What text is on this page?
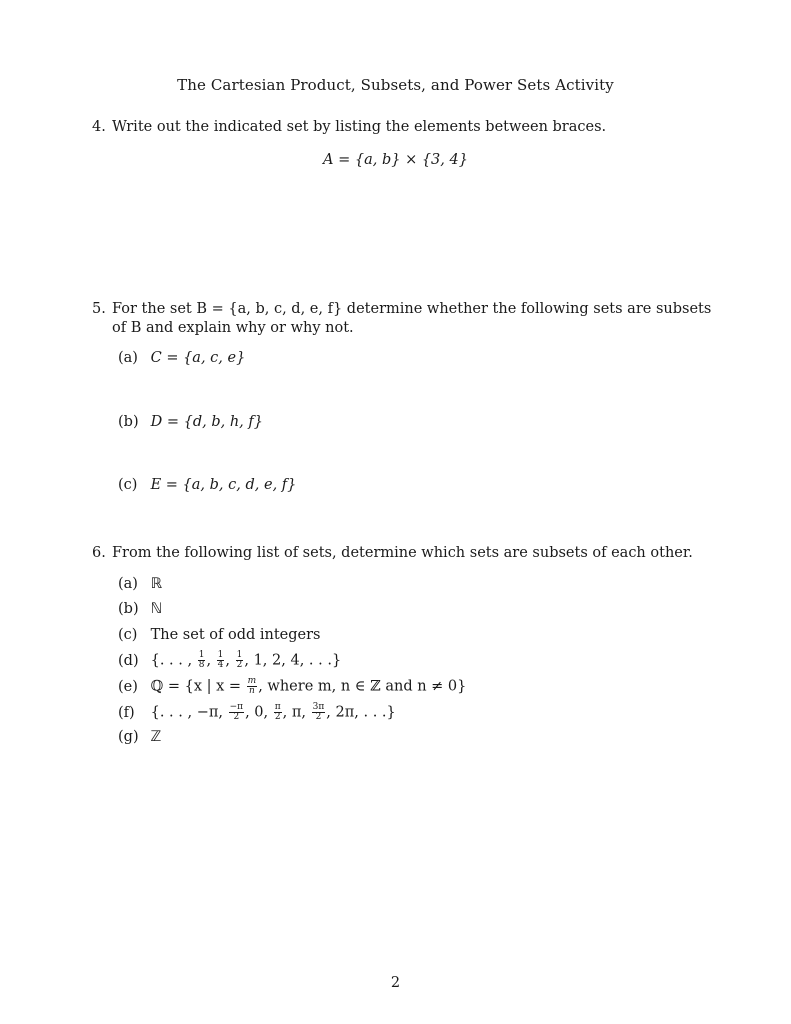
The Cartesian Product, Subsets, and Power Sets Activity
4. Write out the indicated set by listing the elements between braces.
A = {a, b} × {3, 4}
5. For the set B = {a, b, c, d, e, f} determine whether the following sets are subsets of B and explain why or why not.
(a) C = {a, c, e}
(b) D = {d, b, h, f}
(c) E = {a, b, c, d, e, f}
6. From the following list of sets, determine which sets are subsets of each other.
(a) ℝ
(b) ℕ
(c) The set of odd integers
(d) {. . . , $\frac{1}{8}$ , $\frac{1}{4}$ , $\frac{1}{2}$ , 1, 2, 4, . . .}
(e) ℚ = {x | $x = \frac{m}{n}$ , where m, n ∈ ℤ and n ≠ 0}
(f) {. . . , −π, $\frac{-\pi}{2}$ , 0, $\frac{\pi}{2}$ , π, $\frac{3\pi}{2}$ , 2π, . . .}
(g) ℤ
2
